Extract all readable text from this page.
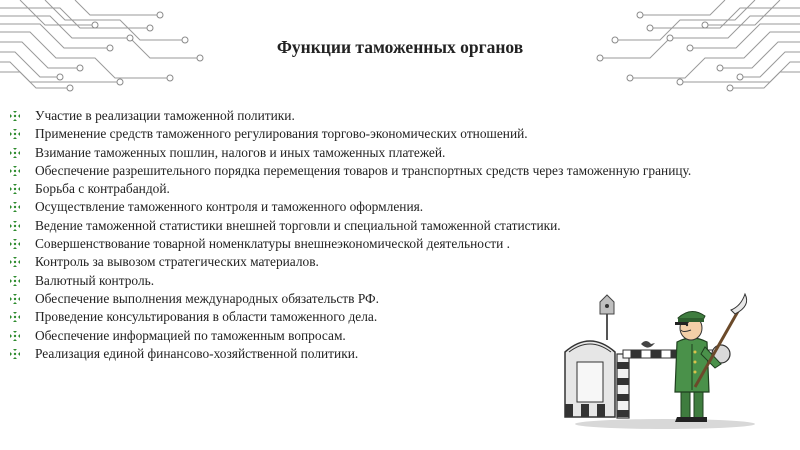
Функции таможенных органов
Участие в реализации таможенной политики.
Применение средств таможенного регулирования торгово-экономических отношений.
Взимание таможенных пошлин, налогов и иных таможенных платежей.
Обеспечение разрешительного порядка перемещения товаров и транспортных средств через таможенную границу.
Борьба с контрабандой.
Осуществление таможенного контроля и таможенного оформления.
Ведение таможенной статистики внешней торговли и специальной таможенной статистики.
Совершенствование товарной номенклатуры внешнеэкономической деятельности .
Контроль за вывозом стратегических материалов.
Валютный контроль.
Обеспечение выполнения международных обязательств РФ.
Проведение консультирования в области таможенного дела.
Обеспечение информацией по таможенным вопросам.
Реализация единой финансово-хозяйственной политики.
